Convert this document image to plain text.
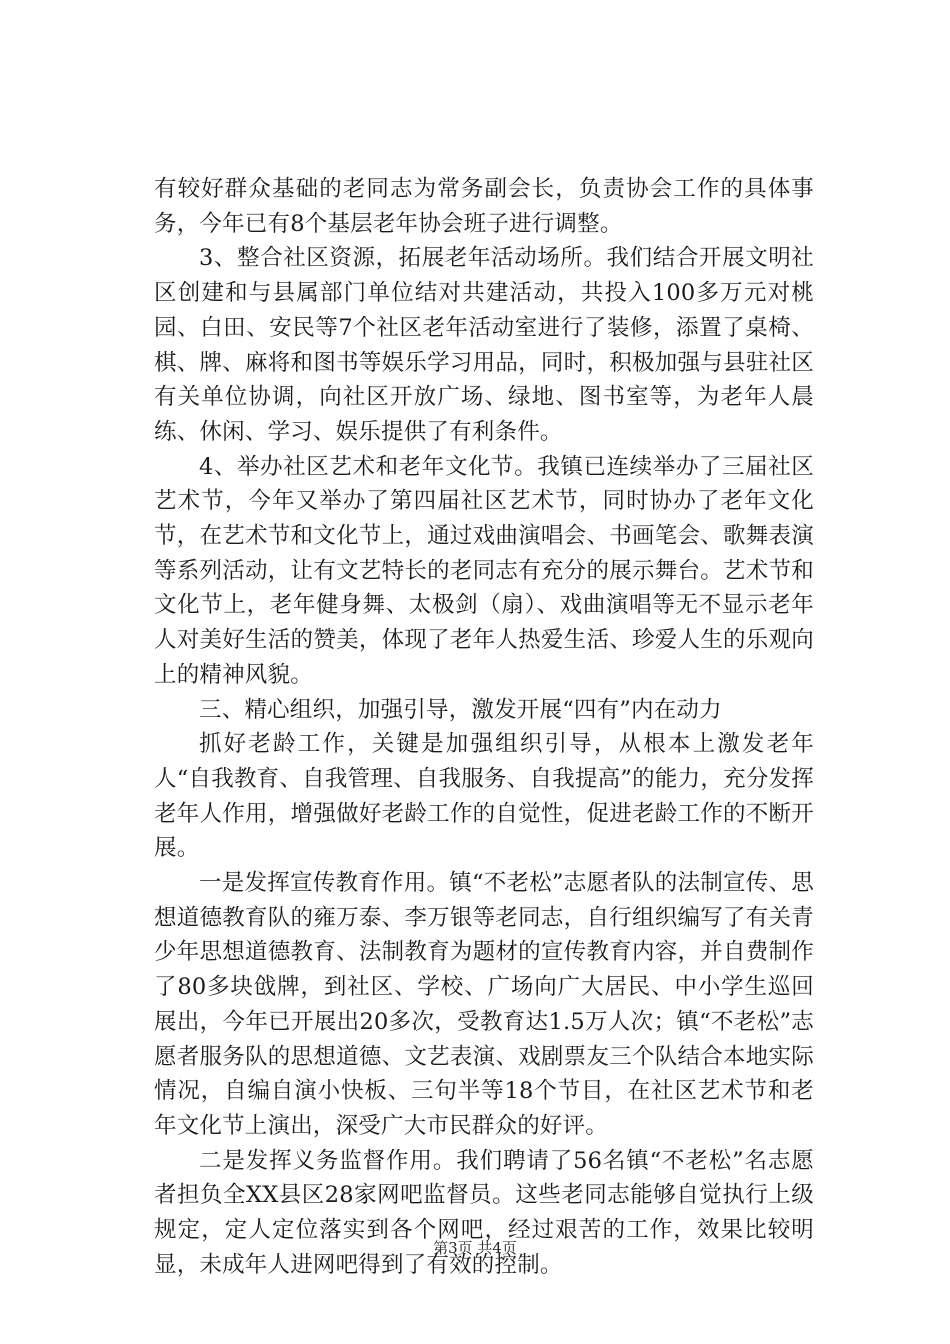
有较好群众基础的老同志为常务副会长，负责协会工作的具体事务，今年已有8个基层老年协会班子进行调整。

3、整合社区资源，拓展老年活动场所。我们结合开展文明社区创建和与县属部门单位结对共建活动，共投入100多万元对桃园、白田、安民等7个社区老年活动室进行了装修，添置了桌椅、棋、牌、麻将和图书等娱乐学习用品，同时，积极加强与县驻社区有关单位协调，向社区开放广场、绿地、图书室等，为老年人晨练、休闲、学习、娱乐提供了有利条件。

4、举办社区艺术和老年文化节。我镇已连续举办了三届社区艺术节，今年又举办了第四届社区艺术节，同时协办了老年文化节，在艺术节和文化节上，通过戏曲演唱会、书画笔会、歌舞表演等系列活动，让有文艺特长的老同志有充分的展示舞台。艺术节和文化节上，老年健身舞、太极剑（扇）、戏曲演唱等无不显示老年人对美好生活的赞美，体现了老年人热爱生活、珍爱人生的乐观向上的精神风貌。

三、精心组织，加强引导，激发开展“四有”内在动力

抓好老龄工作，关键是加强组织引导，从根本上激发老年人“自我教育、自我管理、自我服务、自我提高”的能力，充分发挥老年人作用，增强做好老龄工作的自觉性，促进老龄工作的不断开展。

一是发挥宣传教育作用。镇“不老松”志愿者队的法制宣传、思想道德教育队的雍万泰、李万银等老同志，自行组织编写了有关青少年思想道德教育、法制教育为题材的宣传教育内容，并自费制作了80多块戗牌，到社区、学校、广场向广大居民、中小学生巡回展出，今年已开展出20多次，受教育达1.5万人次；镇“不老松”志愿者服务队的思想道德、文艺表演、戏剧票友三个队结合本地实际情况，自编自演小快板、三句半等18个节目，在社区艺术节和老年文化节上演出，深受广大市民群众的好评。

二是发挥义务监督作用。我们聘请了56名镇“不老松”名志愿者担负全XX县区28家网吧监督员。这些老同志能够自觉执行上级规定，定人定位落实到各个网吧，经过艰苦的工作，效果比较明显，未成年人进网吧得到了有效的控制。

第3页 共4页
